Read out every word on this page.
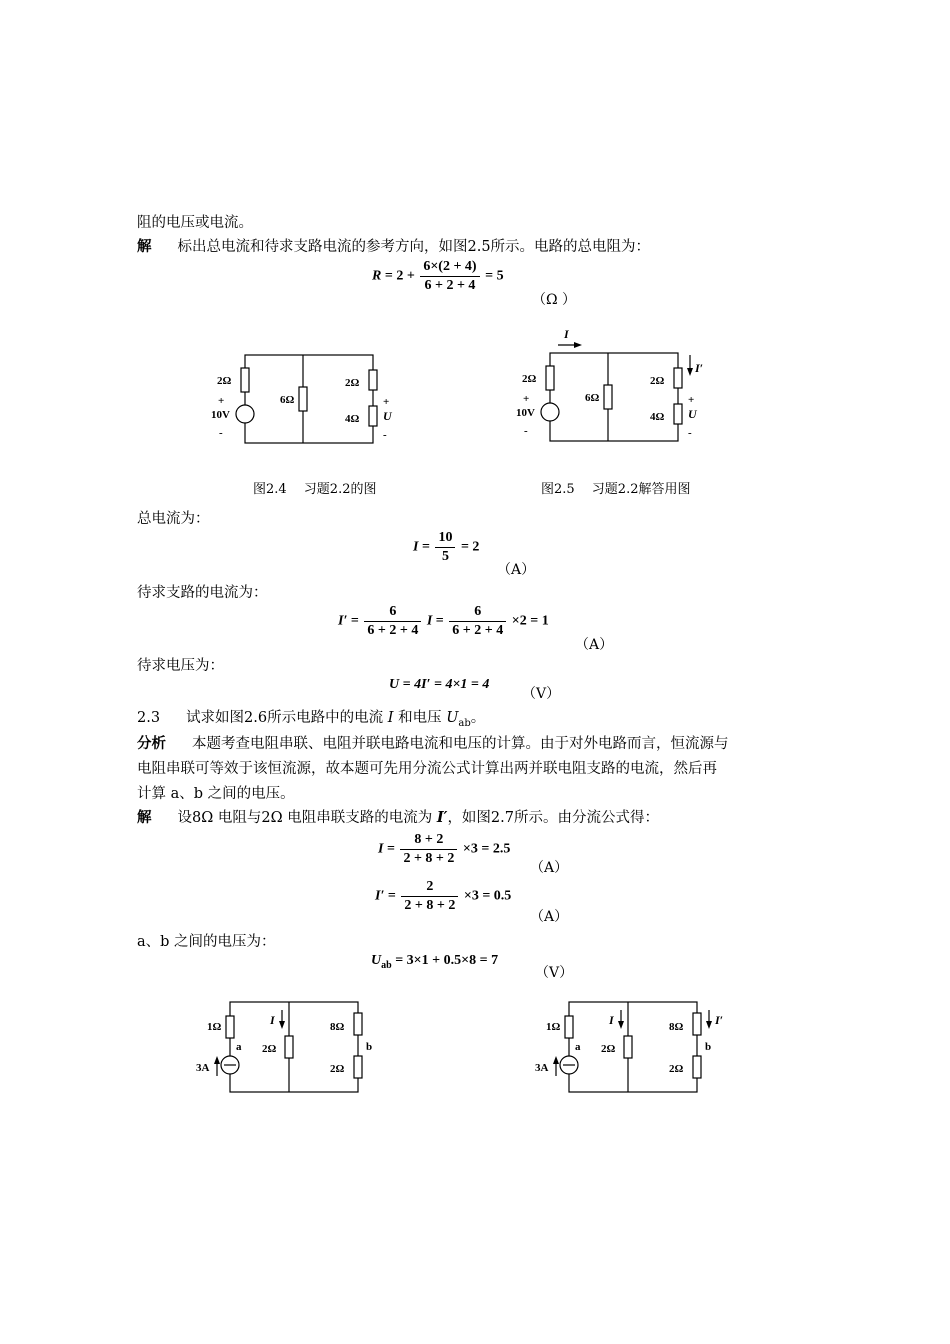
阻的电压或电流。
解 标出总电流和待求支路电流的参考方向，如图2.5所示。电路的总电阻为：
$R = 2 + \frac{6\times(2 + 4)}{6 + 2 + 4} = 5$
（Ω ）
2Ω
+
10V
-
6Ω
2Ω
4Ω
+
U
-
I
I′
2Ω
+
10V
-
6Ω
2Ω
4Ω
+
U
-
图2.4　 习题2.2的图	图2.5　 习题2.2解答用图
总电流为：
$I = \frac{10}{5} = 2$
（A）
待求支路的电流为：
$I' = \frac{6}{6 + 2 + 4}$ $I = \frac{6}{6 + 2 + 4} \times 2 = 1$
（A）
待求电压为：
U = 4I′ = 4×1 = 4
（V）
2.3 试求如图2.6所示电路中的电流 I 和电压 $U_{ab}$。
分析 本题考查电阻串联、电阻并联电路电流和电压的计算。由于对外电路而言，恒流源与
电阻串联可等效于该恒流源，故本题可先用分流公式计算出两并联电阻支路的电流，然后再
计算 a、b 之间的电压。
解 设8Ω 电阻与2Ω 电阻串联支路的电流为 I′，如图2.7所示。由分流公式得：
$I = \frac{8 + 2}{2 + 8 + 2} \times 3 = 2.5$
（A）
$I' = \frac{2}{2 + 8 + 2} \times 3 = 0.5$
（A）
a、b 之间的电压为：
$U_{ab} = 3\times 1 + 0.5\times 8 = 7$
（V）
1Ω
a
3A
I
2Ω
8Ω
b
2Ω
1Ω
a
3A
I
2Ω
8Ω	I′
b
2Ω
